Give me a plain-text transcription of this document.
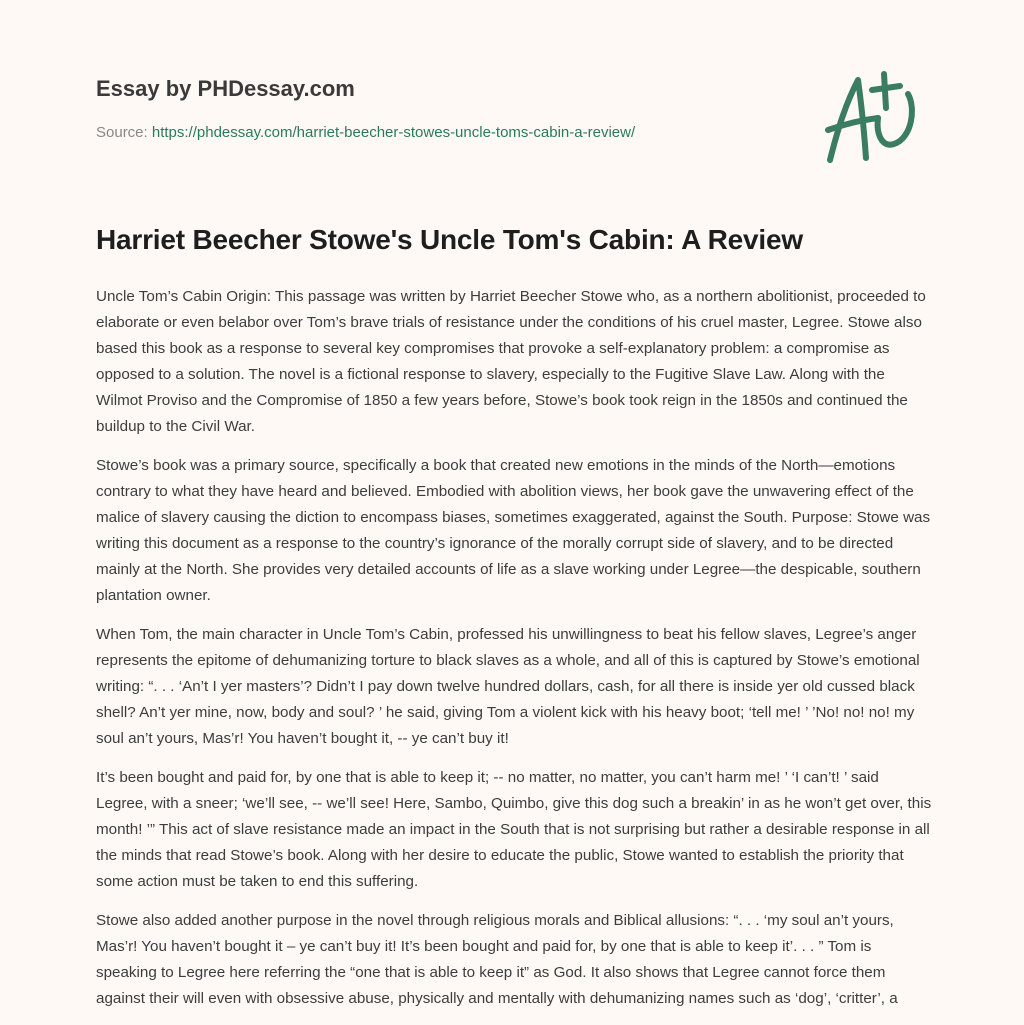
Essay by PHDessay.com
Source: https://phdessay.com/harriet-beecher-stowes-uncle-toms-cabin-a-review/
Harriet Beecher Stowe's Uncle Tom's Cabin: A Review

Uncle Tom’s Cabin Origin: This passage was written by Harriet Beecher Stowe who, as a northern abolitionist, proceeded to elaborate or even belabor over Tom’s brave trials of resistance under the conditions of his cruel master, Legree. Stowe also based this book as a response to several key compromises that provoke a self-explanatory problem: a compromise as opposed to a solution. The novel is a fictional response to slavery, especially to the Fugitive Slave Law. Along with the Wilmot Proviso and the Compromise of 1850 a few years before, Stowe’s book took reign in the 1850s and continued the buildup to the Civil War.

Stowe’s book was a primary source, specifically a book that created new emotions in the minds of the North—emotions contrary to what they have heard and believed. Embodied with abolition views, her book gave the unwavering effect of the malice of slavery causing the diction to encompass biases, sometimes exaggerated, against the South. Purpose: Stowe was writing this document as a response to the country’s ignorance of the morally corrupt side of slavery, and to be directed mainly at the North. She provides very detailed accounts of life as a slave working under Legree—the despicable, southern plantation owner.

When Tom, the main character in Uncle Tom’s Cabin, professed his unwillingness to beat his fellow slaves, Legree’s anger represents the epitome of dehumanizing torture to black slaves as a whole, and all of this is captured by Stowe’s emotional writing: “. . . ‘An’t I yer masters’? Didn’t I pay down twelve hundred dollars, cash, for all there is inside yer old cussed black shell? An’t yer mine, now, body and soul? ’ he said, giving Tom a violent kick with his heavy boot; ‘tell me! ’ ’No! no! no! my soul an’t yours, Mas’r! You haven’t bought it, -- ye can’t buy it!

It’s been bought and paid for, by one that is able to keep it; -- no matter, no matter, you can’t harm me! ’ ‘I can’t! ’ said Legree, with a sneer; ‘we’ll see, -- we’ll see! Here, Sambo, Quimbo, give this dog such a breakin’ in as he won’t get over, this month! ’” This act of slave resistance made an impact in the South that is not surprising but rather a desirable response in all the minds that read Stowe’s book. Along with her desire to educate the public, Stowe wanted to establish the priority that some action must be taken to end this suffering.

Stowe also added another purpose in the novel through religious morals and Biblical allusions: “. . . ‘my soul an’t yours, Mas’r! You haven’t bought it – ye can’t buy it! It’s been bought and paid for, by one that is able to keep it’. . . ” Tom is speaking to Legree here referring the “one that is able to keep it” as God. It also shows that Legree cannot force them against their will even with obsessive abuse, physically and mentally with dehumanizing names such as ‘dog’, ‘critter’, a
